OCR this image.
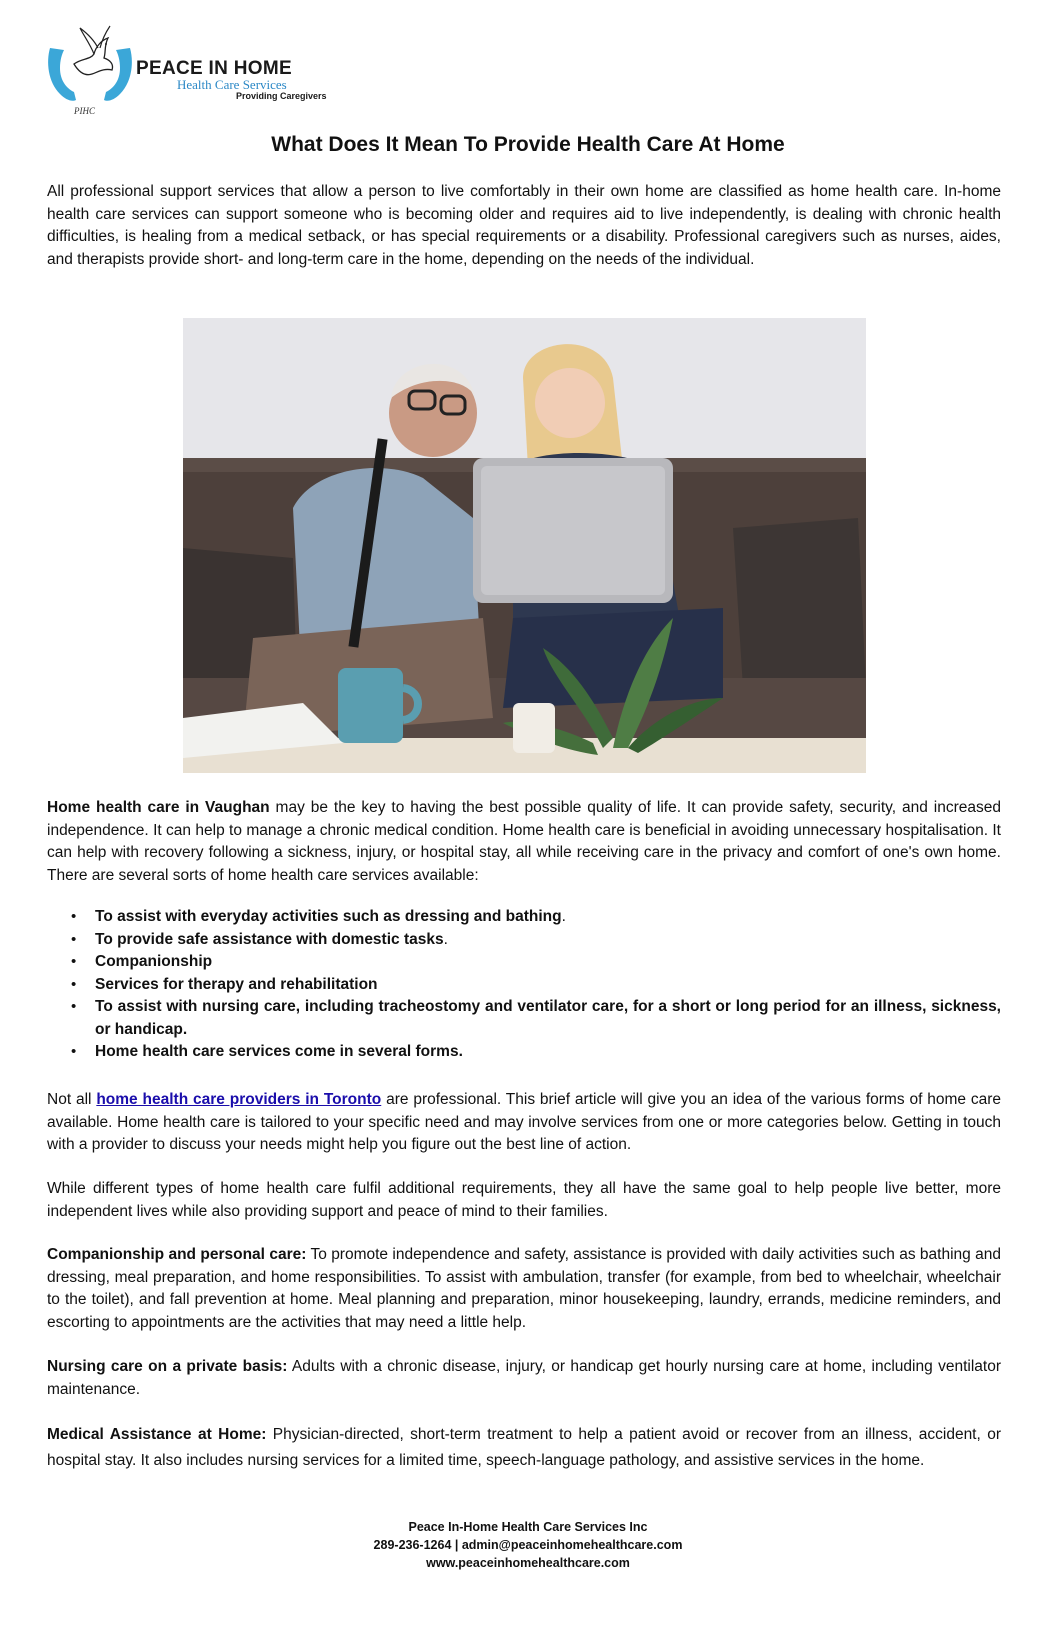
PEACE IN HOME
Health Care Services
Providing Caregivers
PIHC
What Does It Mean To Provide Health Care At Home

All professional support services that allow a person to live comfortably in their own home are classified as home health care. In-home health care services can support someone who is becoming older and requires aid to live independently, is dealing with chronic health difficulties, is healing from a medical setback, or has special requirements or a disability. Professional caregivers such as nurses, aides, and therapists provide short- and long-term care in the home, depending on the needs of the individual.

Home health care in Vaughan may be the key to having the best possible quality of life. It can provide safety, security, and increased independence. It can help to manage a chronic medical condition. Home health care is beneficial in avoiding unnecessary hospitalisation. It can help with recovery following a sickness, injury, or hospital stay, all while receiving care in the privacy and comfort of one's own home. There are several sorts of home health care services available:

• To assist with everyday activities such as dressing and bathing.
• To provide safe assistance with domestic tasks.
• Companionship
• Services for therapy and rehabilitation
• To assist with nursing care, including tracheostomy and ventilator care, for a short or long period for an illness, sickness, or handicap.
• Home health care services come in several forms.

Not all home health care providers in Toronto are professional. This brief article will give you an idea of the various forms of home care available. Home health care is tailored to your specific need and may involve services from one or more categories below. Getting in touch with a provider to discuss your needs might help you figure out the best line of action.

While different types of home health care fulfil additional requirements, they all have the same goal to help people live better, more independent lives while also providing support and peace of mind to their families.

Companionship and personal care: To promote independence and safety, assistance is provided with daily activities such as bathing and dressing, meal preparation, and home responsibilities. To assist with ambulation, transfer (for example, from bed to wheelchair, wheelchair to the toilet), and fall prevention at home. Meal planning and preparation, minor housekeeping, laundry, errands, medicine reminders, and escorting to appointments are the activities that may need a little help.

Nursing care on a private basis: Adults with a chronic disease, injury, or handicap get hourly nursing care at home, including ventilator maintenance.

Medical Assistance at Home: Physician-directed, short-term treatment to help a patient avoid or recover from an illness, accident, or hospital stay. It also includes nursing services for a limited time, speech-language pathology, and assistive services in the home.

Peace In-Home Health Care Services Inc
289-236-1264 | admin@peaceinhomehealthcare.com
www.peaceinhomehealthcare.com
